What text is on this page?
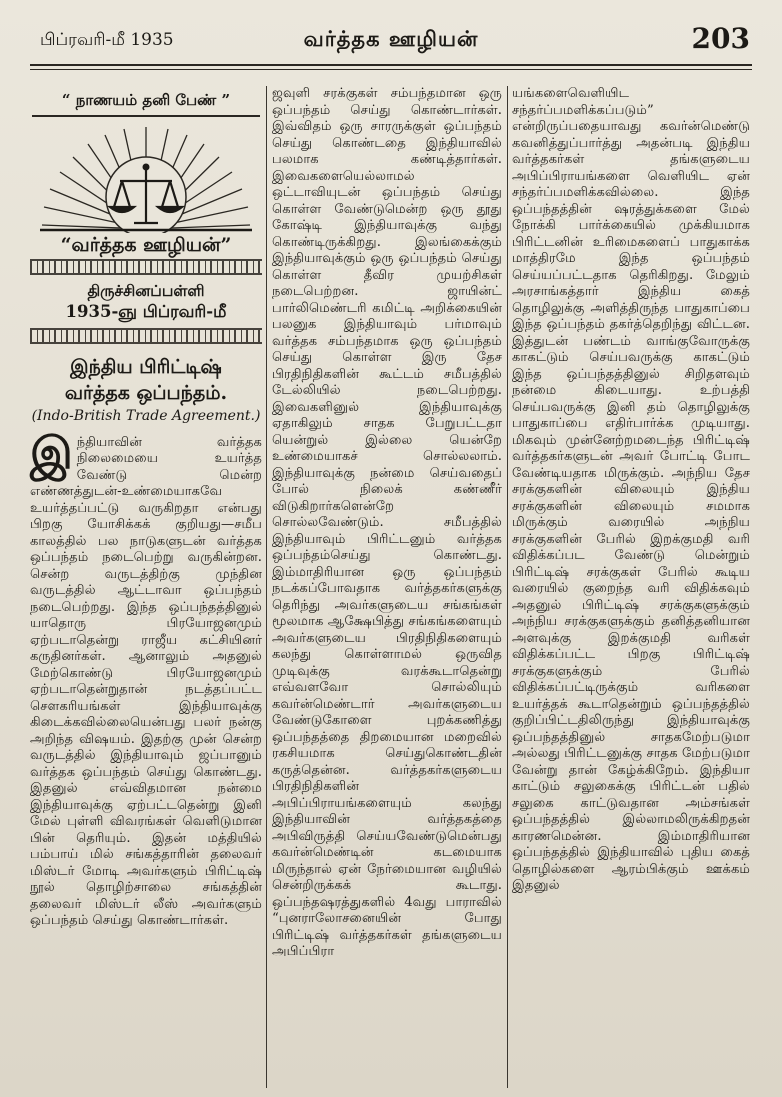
பிப்ரவரி-மீ 1935	வர்த்தக ஊழியன்	203
“ நாணயம் தனி பேண் ”
“வர்த்தக ஊழியன்”
திருச்சினப்பள்ளி
1935-ஞு பிப்ரவரி-மீ
இந்திய பிரிட்டிஷ்
வர்த்தக ஒப்பந்தம்.
(Indo-British Trade Agreement.)

இந்தியாவின் வர்த்தக நிலைமையை உயர்த்த வேண்டு மென்ற எண்ணத்துடன்-உண்மையாகவே உயர்த்தப்பட்டு வருகிறதா என்பது பிறகு யோசிக்கக் குறியது—சமீப காலத்தில் பல நாடுகளுடன் வர்த்தக ஒப்பந்தம் நடைபெற்று வருகின்றன. சென்ற வருடத்திற்கு முந்தின வருடத்தில் ஆட்டாவா ஒப்பந்தம் நடைபெற்றது. இந்த ஒப்பந்தத்தினுல் யாதொரு பிரயோஜனமும் ஏற்படாதென்று ராஜீய கட்சியினர் கருதினர்கள். ஆனாலும் அதனுல் மேற்கொண்டு பிரயோஜனமும் ஏற்படாதென்றுதான் நடத்தப்பட்ட சௌகரியங்கள் இந்தியாவுக்கு கிடைக்கவில்லையென்பது பலர் நன்கு அறிந்த விஷயம். இதற்கு முன் சென்ற வருடத்தில் இந்தியாவும் ஜப்பானும் வர்த்தக ஒப்பந்தம் செய்து கொண்டது. இதனுல் எவ்விதமான நன்மை இந்தியாவுக்கு ஏற்பட்டதென்று இனி மேல் புள்ளி விவரங்கள் வெளிடுமான பின் தெரியும். இதன் மத்தியில் பம்பாய் மில் சங்கத்தாரின் தலைவர் மிஸ்டர் மோடி அவர்களும் பிரிட்டிஷ் நூல் தொழிற்சாலை சங்கத்தின் தலைவர் மிஸ்டர் லீஸ் அவர்களும் ஒப்பந்தம் செய்து கொண்டார்கள்.

ஜவுளி சரக்குகள் சம்பந்தமான ஒரு ஒப்பந்தம் செய்து கொண்டார்கள். இவ்விதம் ஒரு சாரருக்குள் ஒப்பந்தம் செய்து கொண்டதை இந்தியாவில் பலமாக கண்டித்தார்கள். இவைகளையெல்லாமல் ஒட்டாவியுடன் ஒப்பந்தம் செய்து கொள்ள வேண்டுமென்ற ஒரு தூது கோஷ்டி இந்தியாவுக்கு வந்து கொண்டிருக்கிறது. இலங்கைக்கும் இந்தியாவுக்கும் ஒரு ஒப்பந்தம் செய்து கொள்ள தீவிர முயற்சிகள் நடைபெற்றன. ஜாயின்ட் பார்லிமெண்டரி கமிட்டி அறிக்கையின் பலனுக இந்தியாவும் பர்மாவும் வர்த்தக சம்பந்தமாக ஒரு ஒப்பந்தம் செய்து கொள்ள இரு தேச பிரதிநிதிகளின் கூட்டம் சமீபத்தில் டேல்லியில் நடைபெற்றது. இவைகளினுல் இந்தியாவுக்கு ஏதாகிலும் சாதக பேறுபட்டதா யென்றுல் இல்லை யென்றே உண்மையாகச் சொல்லலாம். இந்தியாவுக்கு நன்மை செய்வதைப் போல் நிலைக் கண்ணீர் விடுகிறார்களென்றே சொல்லவேண்டும். சமீபத்தில் இந்தியாவும் பிரிட்டனும் வர்த்தக ஒப்பந்தம்செய்து கொண்டது. இம்மாதிரியான ஒரு ஒப்பந்தம் நடக்கப்போவதாக வர்த்தகர்களுக்கு தெரிந்து அவர்களுடைய சங்கங்கள் மூலமாக ஆக்ஷேபித்து சங்கங்களையும் அவர்களுடைய பிரதிநிதிகளையும் கலந்து கொள்ளாமல் ஒருவித முடிவுக்கு வரக்கூடாதென்று எவ்வளவோ சொல்லியும் கவர்ன்மெண்டார் அவர்களுடைய வேண்டுகோளை புறக்கணித்து ஒப்பந்தத்தை திறமையான மறைவில் ரகசியமாக செய்துகொண்டதின் கருத்தென்ன. வர்த்தகர்களுடைய பிரதிநிதிகளின் அபிப்பிராயங்களையும் கலந்து இந்தியாவின் வர்த்தகத்தை அபிவிருத்தி செய்யவேண்டுமென்பது கவர்ன்மெண்டின் கடமையாக மிருந்தால் ஏன் நேர்மையான வழியில் சென்றிருக்கக் கூடாது. ஒப்பந்தஷரத்துகளில் 4வது பாராவில் “புனராலோசனையின் போது பிரிட்டிஷ் வர்த்தகர்கள் தங்களுடைய அபிப்பிரா

யங்களைவெளியிட சந்தர்ப்பமளிக்கப்படும்” என்றிருப்பதையாவது கவர்ன்மெண்டு கவனித்துப்பார்த்து அதன்படி இந்திய வர்த்தகர்கள் தங்களுடைய அபிப்பிராயங்களை வெளியிட ஏன் சந்தர்ப்பமளிக்கவில்லை. இந்த ஒப்பந்தத்தின் ஷரத்துக்களை மேல் நோக்கி பார்க்கையில் முக்கியமாக பிரிட்டனின் உரிமைகளைப் பாதுகாக்க மாத்திரமே இந்த ஒப்பந்தம் செய்யப்பட்டதாக தெரிகிறது. மேலும் அரசாங்கத்தார் இந்திய கைத் தொழிலுக்கு அளித்திருந்த பாதுகாப்பை இந்த ஒப்பந்தம் தகர்த்தெறிந்து விட்டன. இத்துடன் பண்டம் வாங்குவோருக்கு காகட்டும் செய்பவருக்கு காகட்டும் இந்த ஒப்பந்தத்தினுல் சிறிதளவும் நன்மை கிடையாது. உற்பத்தி செய்பவருக்கு இனி தம் தொழிலுக்கு பாதுகாப்பை எதிர்பார்க்க முடியாது. மிகவும் முன்னேற்றமடைந்த பிரிட்டிஷ் வர்த்தகர்களுடன் அவர் போட்டி போட வேண்டியதாக மிருக்கும். அந்நிய தேச சரக்குகளின் விலையும் இந்திய சரக்குகளின் விலையும் சமமாக மிருக்கும் வரையில் அந்நிய சரக்குகளின் பேரில் இறக்குமதி வரி விதிக்கப்பட வேண்டு மென்றும் பிரிட்டிஷ் சரக்குகள் பேரில் கூடிய வரையில் குறைந்த வரி விதிக்கவும் அதனுல் பிரிட்டிஷ் சரக்குகளுக்கும் அந்நிய சரக்குகளுக்கும் தனித்தனியான அளவுக்கு இறக்குமதி வரிகள் விதிக்கப்பட்ட பிறகு பிரிட்டிஷ் சரக்குகளுக்கும் பேரில் விதிக்கப்பட்டிருக்கும் வரிகளை உயர்த்தக் கூடாதென்றும் ஒப்பந்தத்தில் குறிப்பிட்டதிலிருந்து இந்தியாவுக்கு ஒப்பந்தத்தினுல் சாதகமேற்படுமா அல்லது பிரிட்டனுக்கு சாதக மேற்படுமா வேன்று தான் கேழ்க்கிறேம். இந்தியா காட்டும் சலுகைக்கு பிரிட்டன் பதில் சலுகை காட்டுவதான அம்சங்கள் ஒப்பந்தத்தில் இல்லாமலிருக்கிறதன் காரணமென்ன. இம்மாதிரியான ஒப்பந்தத்தில் இந்தியாவில் புதிய கைத் தொழில்களை ஆரம்பிக்கும் ஊக்கம் இதனுல்
